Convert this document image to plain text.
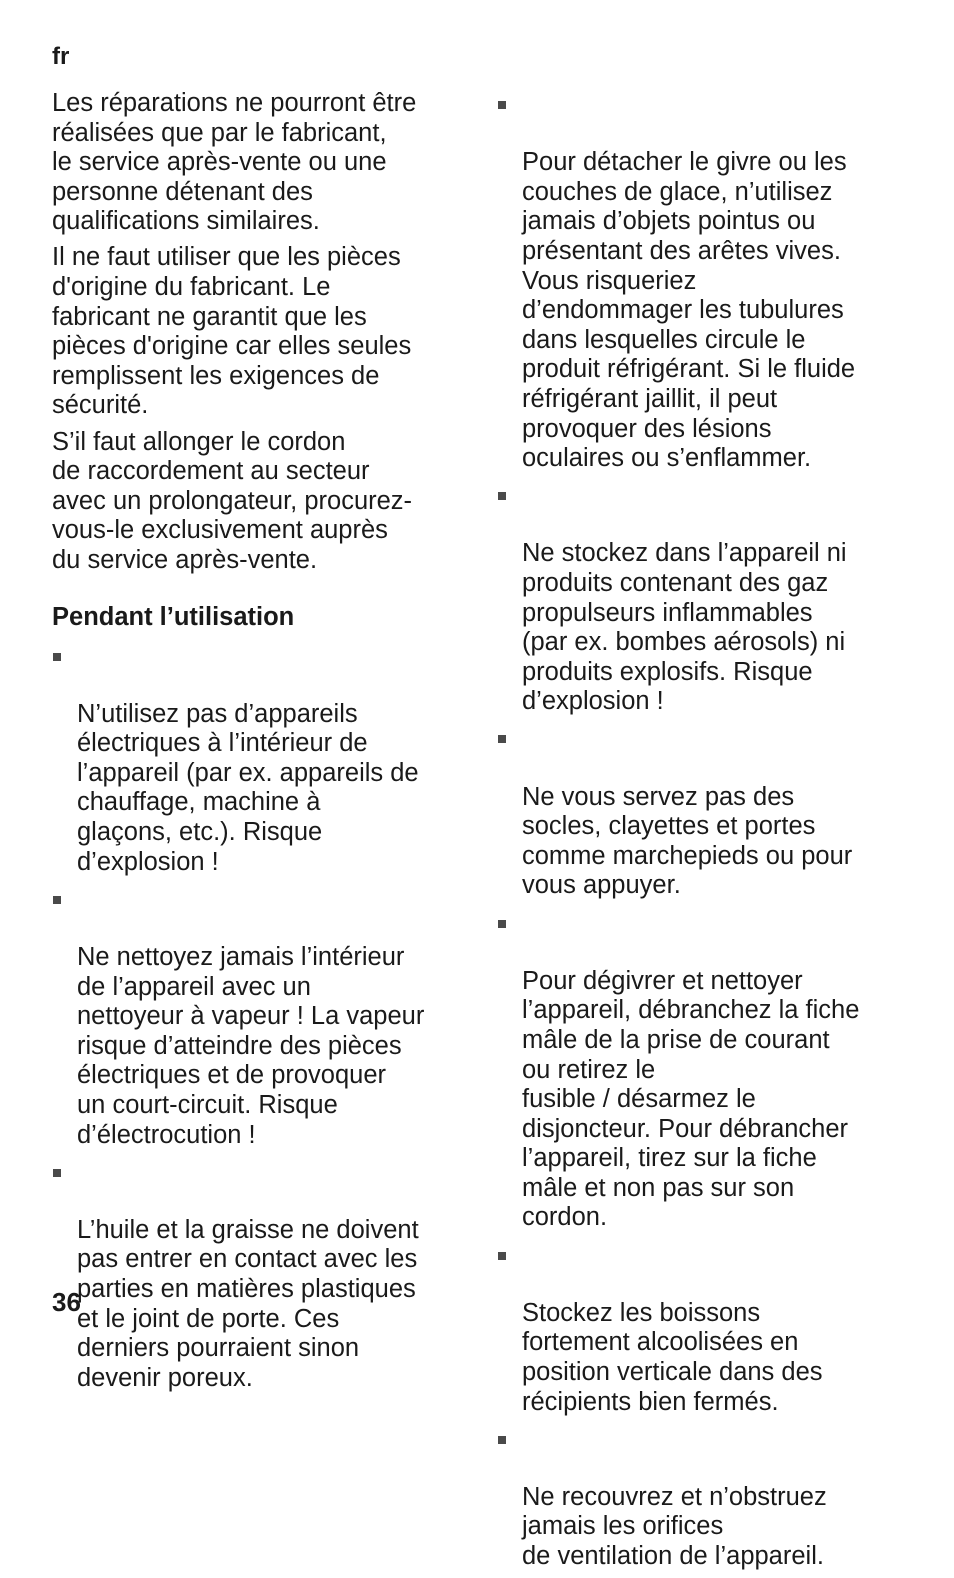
fr

Les réparations ne pourront être
réalisées que par le fabricant,
le service après-vente ou une
personne détenant des
qualifications similaires.

Il ne faut utiliser que les pièces
d'origine du fabricant. Le
fabricant ne garantit que les
pièces d'origine car elles seules
remplissent les exigences de
sécurité.

S’il faut allonger le cordon
de raccordement au secteur
avec un prolongateur, procurez-
vous-le exclusivement auprès
du service après-vente.

Pendant l’utilisation

N’utilisez pas d’appareils
électriques à l’intérieur de
l’appareil (par ex. appareils de
chauffage, machine à
glaçons, etc.). Risque
d’explosion !

Ne nettoyez jamais l’intérieur
de l’appareil avec un
nettoyeur à vapeur ! La vapeur
risque d’atteindre des pièces
électriques et de provoquer
un court-circuit. Risque
d’électrocution !

L’huile et la graisse ne doivent
pas entrer en contact avec les
parties en matières plastiques
et le joint de porte. Ces
derniers pourraient sinon
devenir poreux.

Pour détacher le givre ou les
couches de glace, n’utilisez
jamais d’objets pointus ou
présentant des arêtes vives.
Vous risqueriez
d’endommager les tubulures
dans lesquelles circule le
produit réfrigérant. Si le fluide
réfrigérant jaillit, il peut
provoquer des lésions
oculaires ou s’enflammer.

Ne stockez dans l’appareil ni
produits contenant des gaz
propulseurs inflammables
(par ex. bombes aérosols) ni
produits explosifs. Risque
d’explosion !

Ne vous servez pas des
socles, clayettes et portes
comme marchepieds ou pour
vous appuyer.

Pour dégivrer et nettoyer
l’appareil, débranchez la fiche
mâle de la prise de courant
ou retirez le
fusible / désarmez le
disjoncteur. Pour débrancher
l’appareil, tirez sur la fiche
mâle et non pas sur son
cordon.

Stockez les boissons
fortement alcoolisées en
position verticale dans des
récipients bien fermés.

Ne recouvrez et n’obstruez
jamais les orifices
de ventilation de l’appareil.

36
